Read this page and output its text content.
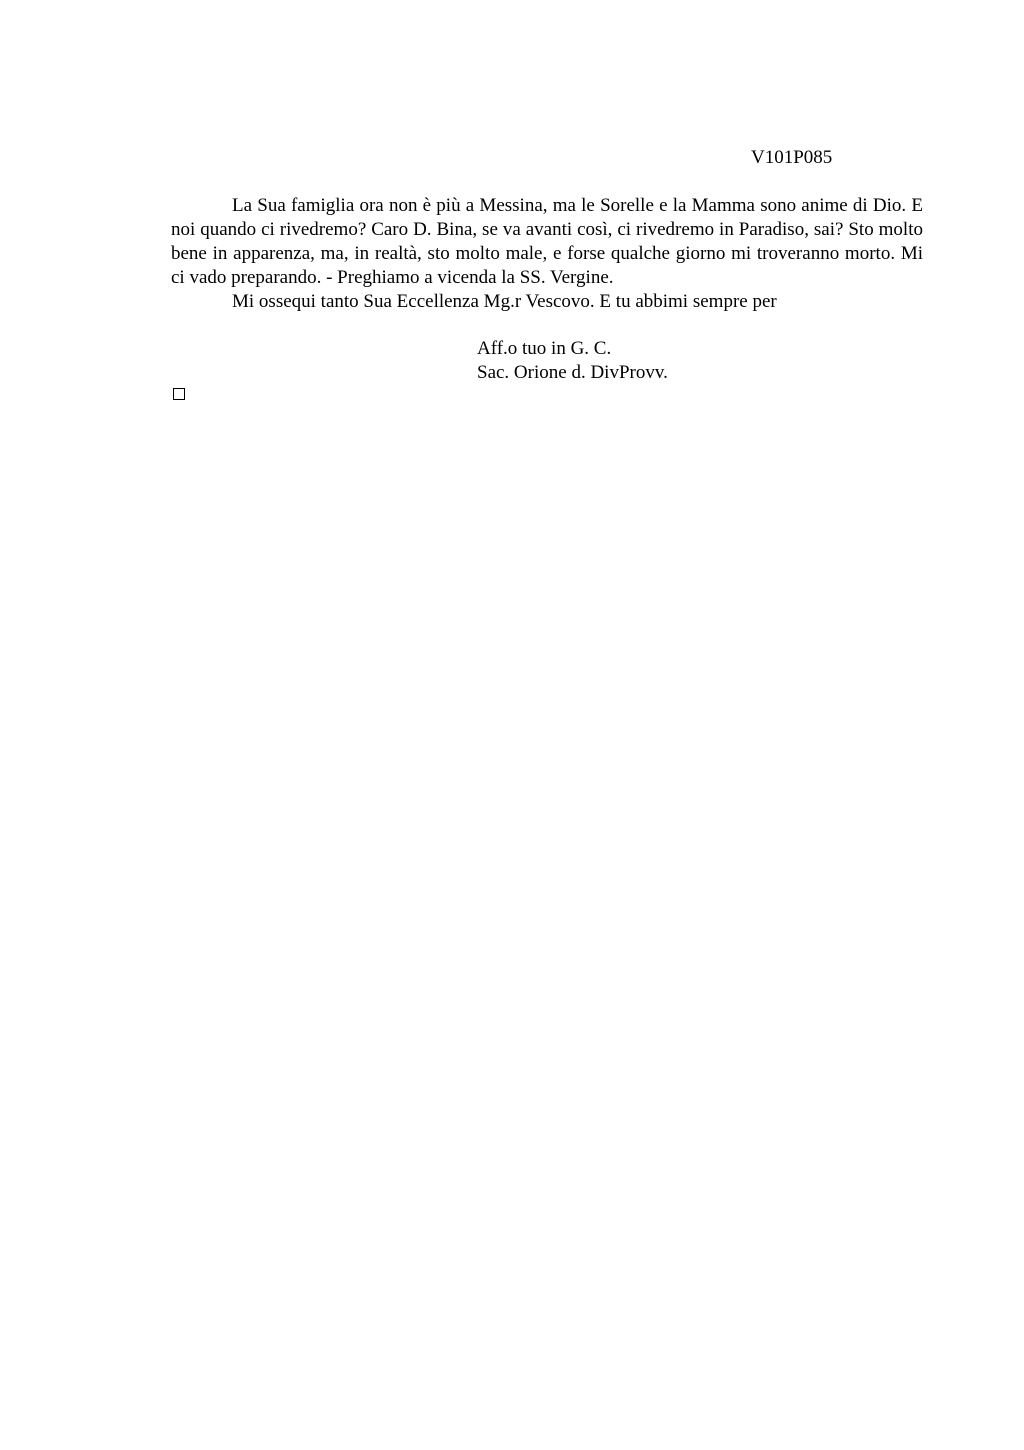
V101P085

La Sua famiglia ora non è più a Messina, ma le Sorelle e la Mamma sono anime di Dio. E noi quando ci rivedremo? Caro D. Bina, se va avanti così, ci rivedremo in Paradiso, sai? Sto molto bene in apparenza, ma, in realtà, sto molto male, e forse qualche giorno mi troveranno morto. Mi ci vado preparando. - Preghiamo a vicenda la SS. Vergine.

Mi ossequi tanto Sua Eccellenza Mg.r Vescovo. E tu abbimi sempre per

Aff.o tuo in G. C.
Sac. Orione d. DivProvv.
